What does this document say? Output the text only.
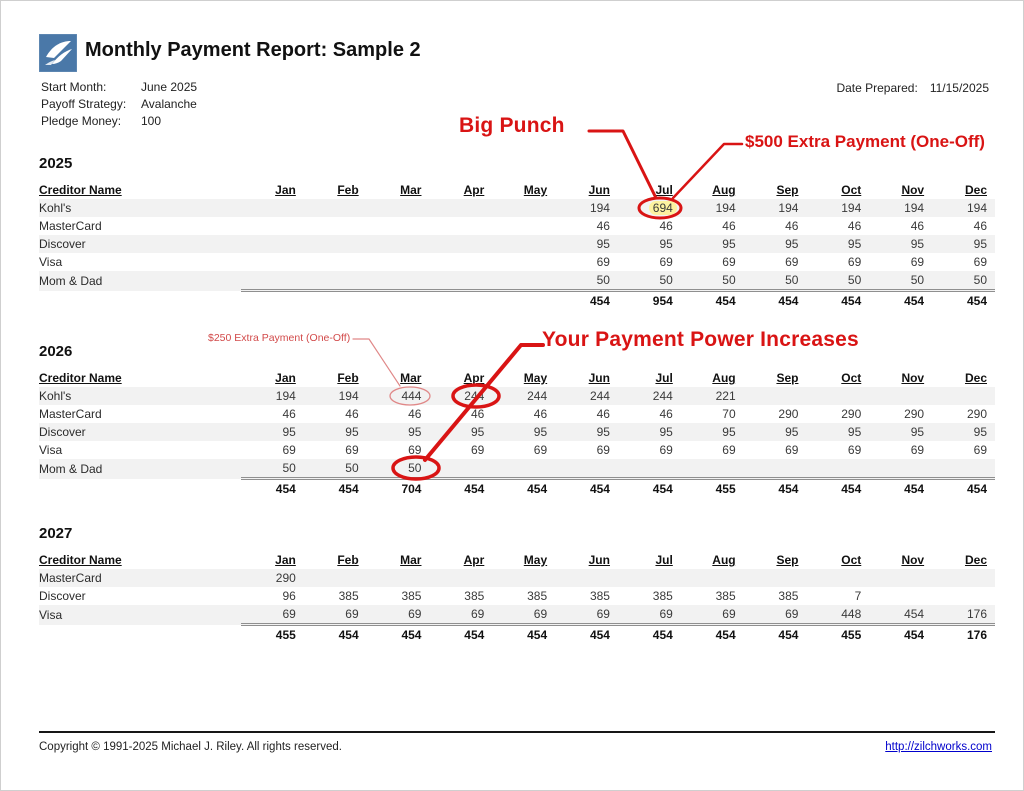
Monthly Payment Report: Sample 2
Start Month:	June 2025
Payoff Strategy:	Avalanche
Pledge Money:	100
Date Prepared: 11/15/2025
2025
Creditor Name	Jan	Feb	Mar	Apr	May	Jun	Jul	Aug	Sep	Oct	Nov	Dec
Kohl's						194	694	194	194	194	194	194
MasterCard						46	46	46	46	46	46	46
Discover						95	95	95	95	95	95	95
Visa						69	69	69	69	69	69	69
Mom & Dad						50	50	50	50	50	50	50
						454	954	454	454	454	454	454
2026
Creditor Name	Jan	Feb	Mar	Apr	May	Jun	Jul	Aug	Sep	Oct	Nov	Dec
Kohl's	194	194	444	244	244	244	244	221				
MasterCard	46	46	46	46	46	46	46	70	290	290	290	290
Discover	95	95	95	95	95	95	95	95	95	95	95	95
Visa	69	69	69	69	69	69	69	69	69	69	69	69
Mom & Dad	50	50	50									
	454	454	704	454	454	454	454	455	454	454	454	454
2027
Creditor Name	Jan	Feb	Mar	Apr	May	Jun	Jul	Aug	Sep	Oct	Nov	Dec
MasterCard	290											
Discover	96	385	385	385	385	385	385	385	385	7		
Visa	69	69	69	69	69	69	69	69	69	448	454	176
	455	454	454	454	454	454	454	454	454	455	454	176
Big Punch
$500 Extra Payment (One-Off)
$250 Extra Payment (One-Off)	Your Payment Power Increases
Copyright © 1991-2025 Michael J. Riley. All rights reserved.	http://zilchworks.com
